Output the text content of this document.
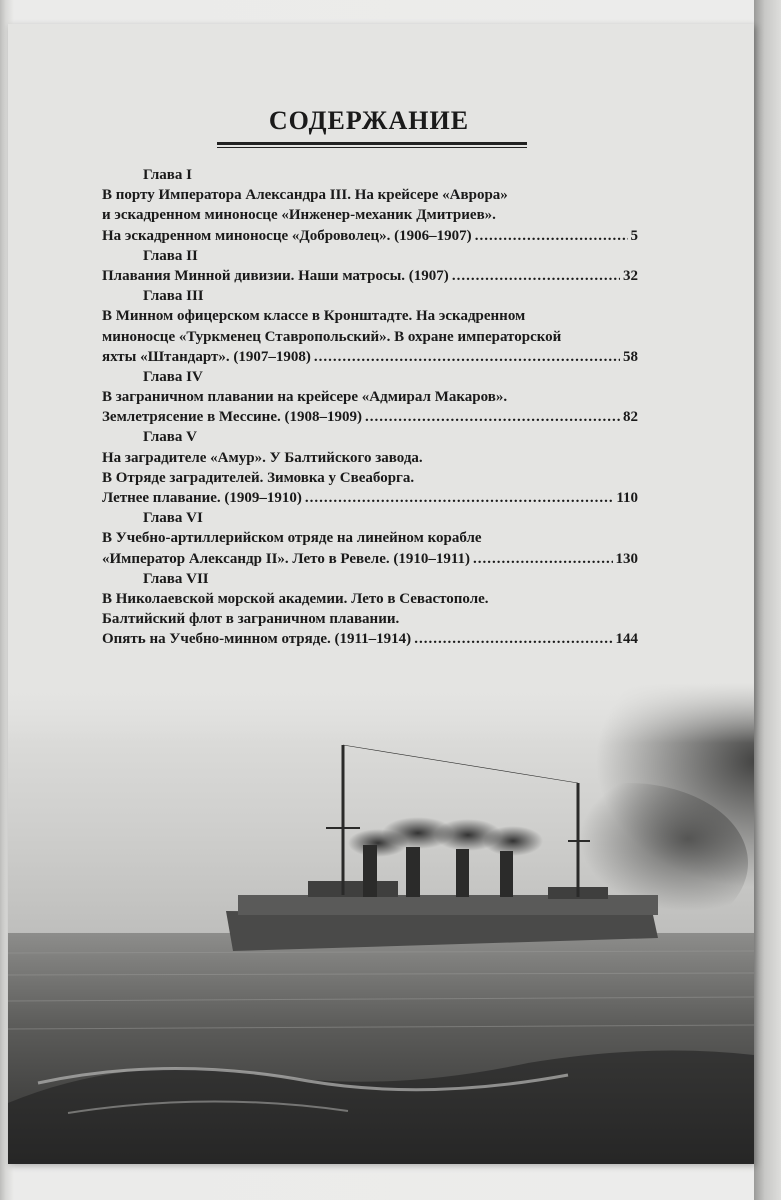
СОДЕРЖАНИЕ
Глава I
В порту Императора Александра III. На крейсере «Аврора»
и эскадренном миноносце «Инженер-механик Дмитриев».
На эскадренном миноносце «Доброволец». (1906–1907) .....	5
Глава II
Плавания Минной дивизии. Наши матросы. (1907) .....	32
Глава III
В Минном офицерском классе в Кронштадте. На эскадренном
миноносце «Туркменец Ставропольский». В охране императорской
яхты «Штандарт». (1907–1908) .....	58
Глава IV
В заграничном плавании на крейсере «Адмирал Макаров».
Землетрясение в Мессине. (1908–1909) .....	82
Глава V
На заградителе «Амур». У Балтийского завода.
В Отряде заградителей. Зимовка у Свеаборга.
Летнее плавание. (1909–1910) .....	110
Глава VI
В Учебно-артиллерийском отряде на линейном корабле
«Император Александр II». Лето в Ревеле. (1910–1911) .....	130
Глава VII
В Николаевской морской академии. Лето в Севастополе.
Балтийский флот в заграничном плавании.
Опять на Учебно-минном отряде. (1911–1914) .....	144
